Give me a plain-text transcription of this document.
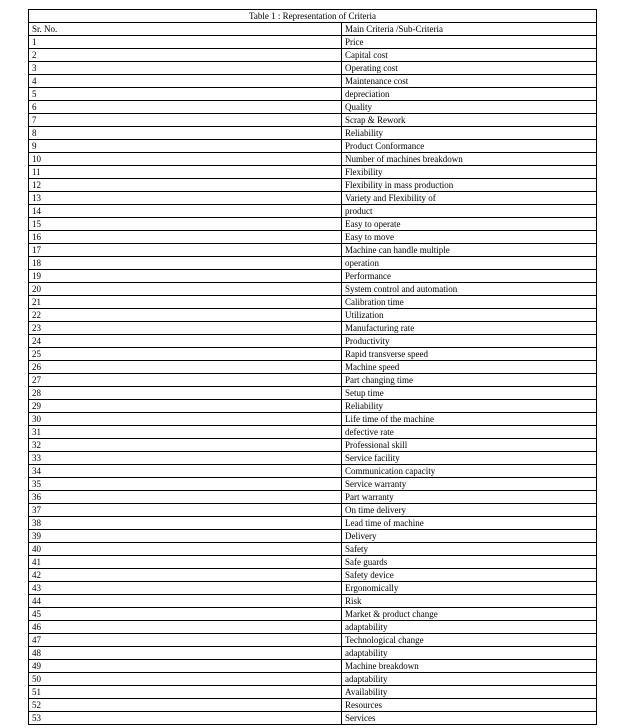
Table 1 : Representation of Criteria	
Sr. No.	Main Criteria /Sub-Criteria
1	Price
2	Capital cost
3	Operating cost
4	Maintenance cost
5	depreciation
6	Quality
7	Scrap & Rework
8	Reliability
9	Product Conformance
10	Number of machines breakdown
11	Flexibility
12	Flexibility in mass production
13	Variety and Flexibility of
14	product
15	Easy to operate
16	Easy to move
17	Machine can handle multiple
18	operation
19	Performance
20	System control and automation
21	Calibration time
22	Utilization
23	Manufacturing rate
24	Productivity
25	Rapid transverse speed
26	Machine speed
27	Part changing time
28	Setup time
29	Reliability
30	Life time of the machine
31	defective rate
32	Professional skill
33	Service facility
34	Communication capacity
35	Service warranty
36	Part warranty
37	On time delivery
38	Lead time of machine
39	Delivery
40	Safety
41	Safe guards
42	Safety device
43	Ergonomically
44	Risk
45	Market & product change
46	adaptability
47	Technological change
48	adaptability
49	Machine breakdown
50	adaptability
51	Availability
52	Resources
53	Services
